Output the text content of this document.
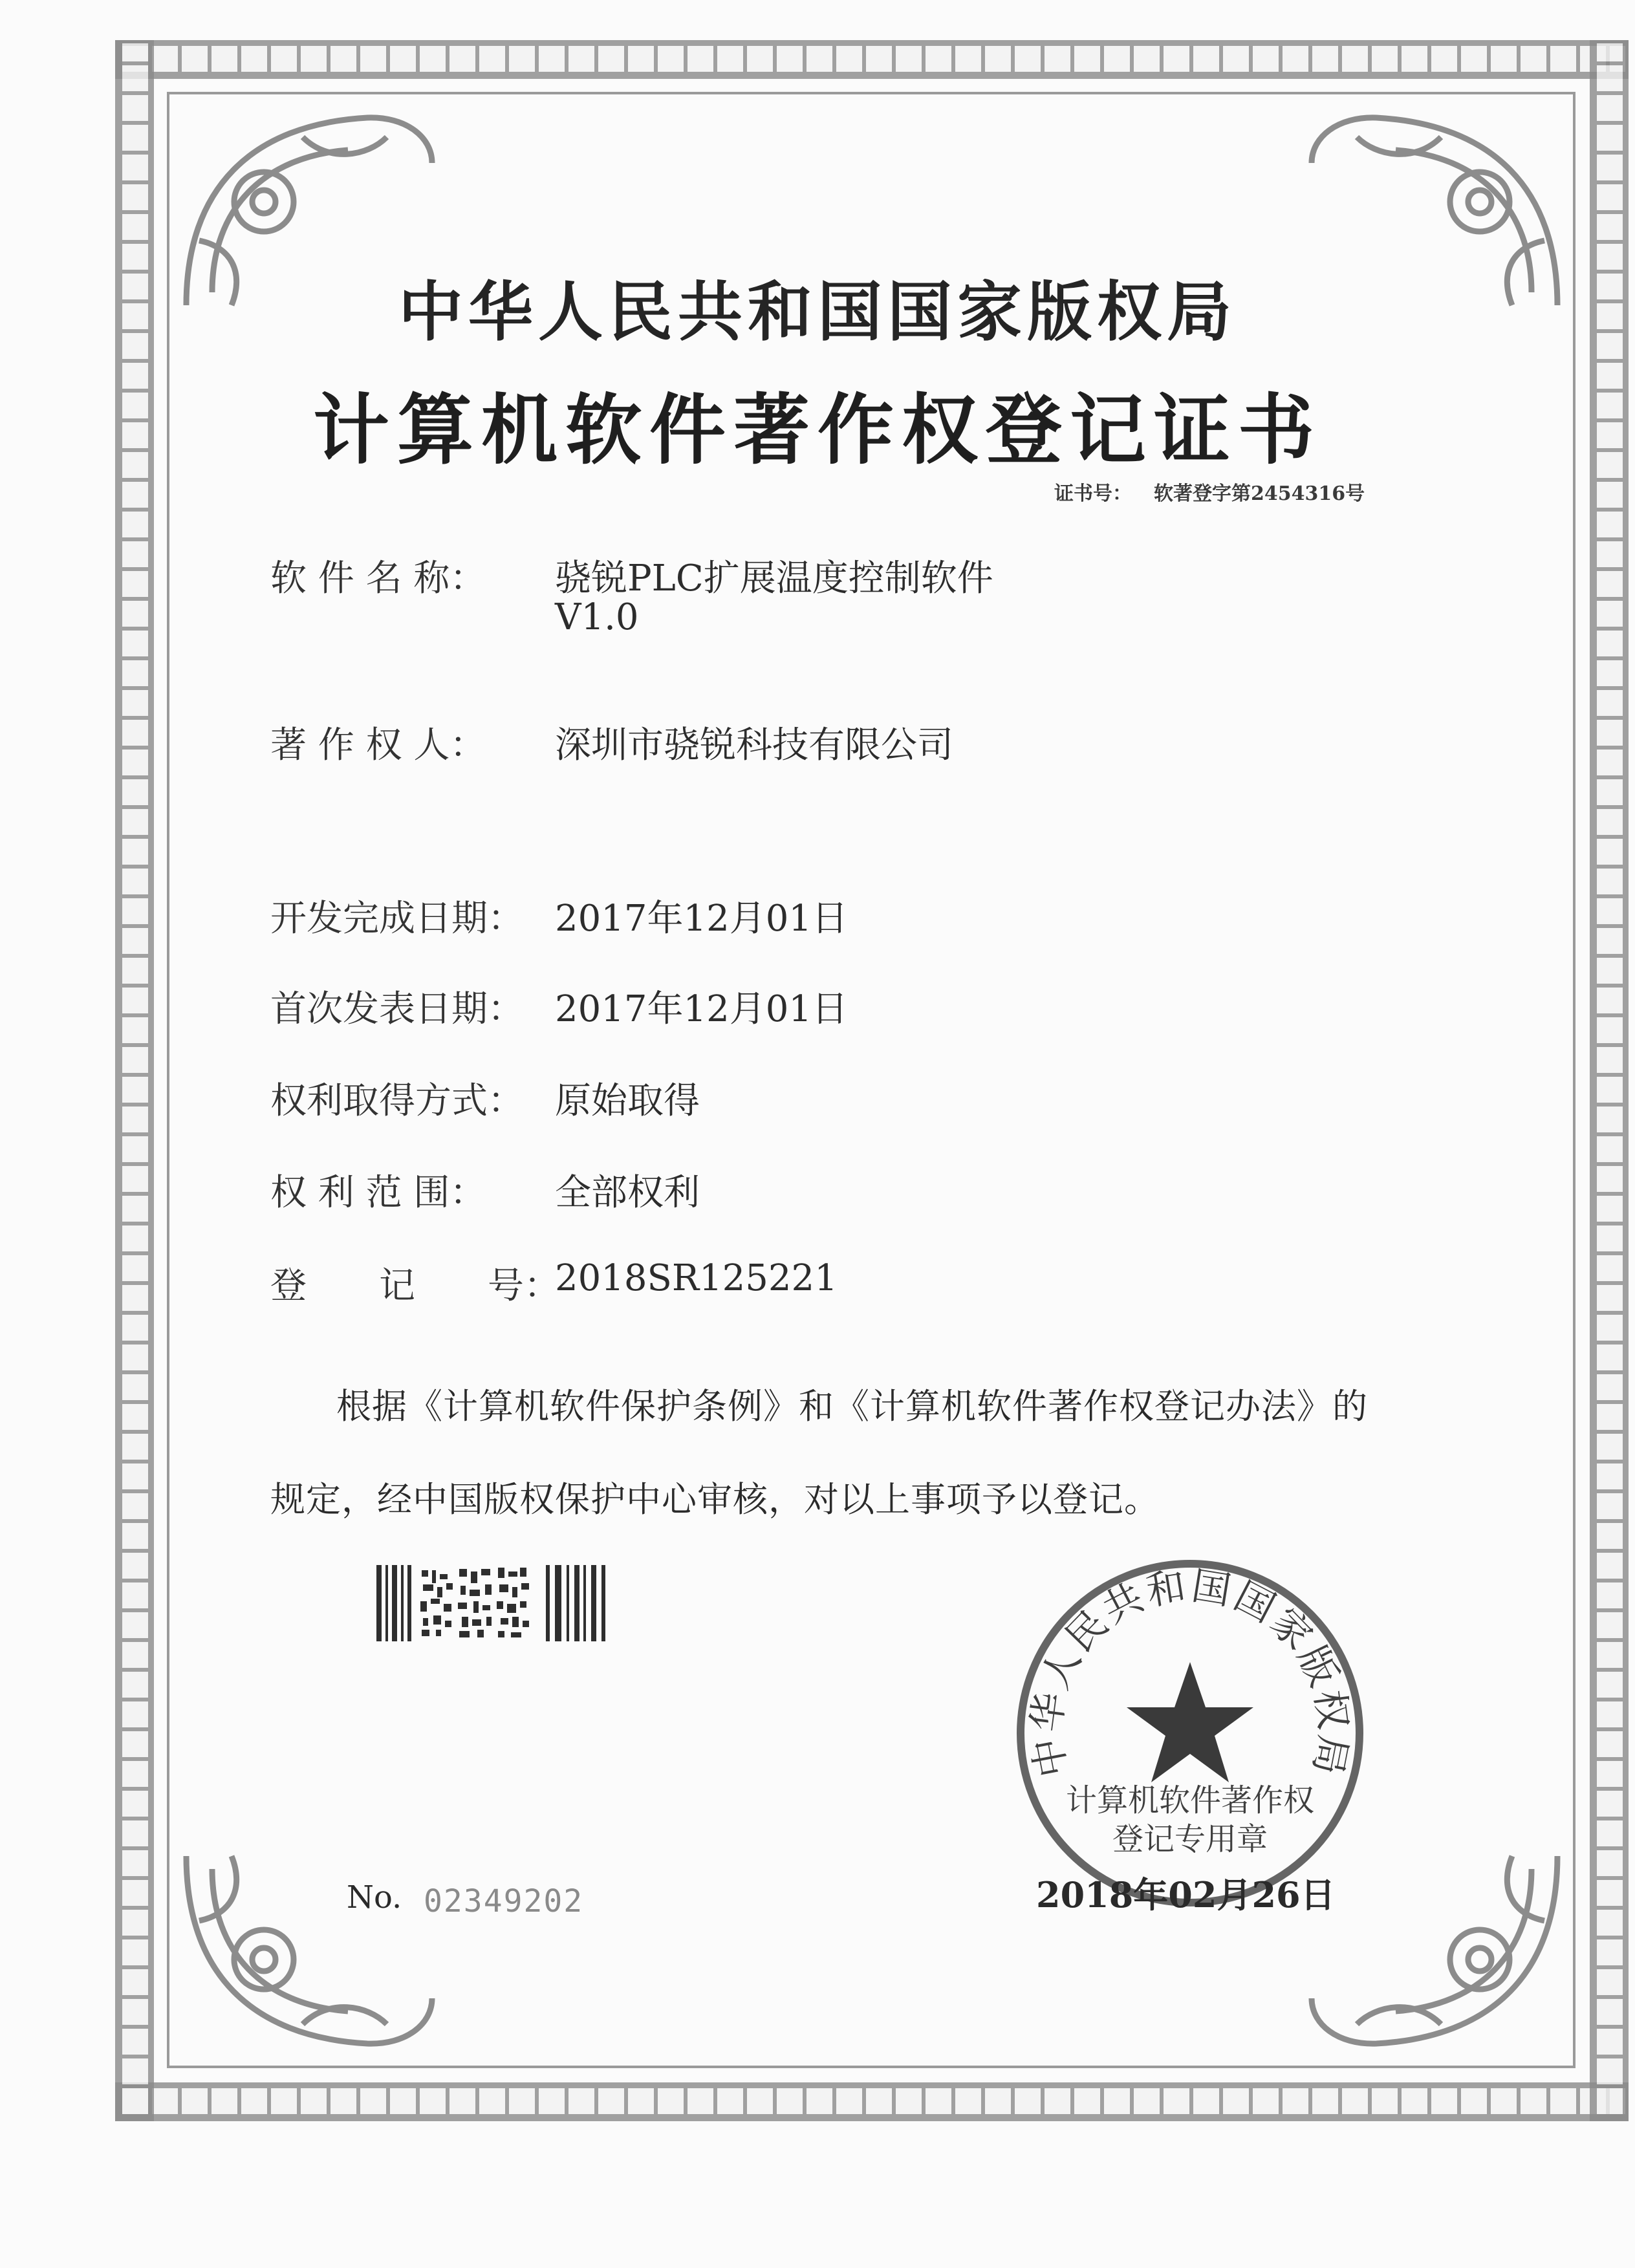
中华人民共和国国家版权局
计算机软件著作权登记证书
证书号： 软著登字第2454316号
软 件 名 称： 骁锐PLC扩展温度控制软件
V1.0
著 作 权 人： 深圳市骁锐科技有限公司
开发完成日期： 2017年12月01日
首次发表日期： 2017年12月01日
权利取得方式： 原始取得
权 利 范 围： 全部权利
登　　记　　号：
2018SR125221
根据《计算机软件保护条例》和《计算机软件著作权登记办法》的
规定，经中国版权保护中心审核，对以上事项予以登记。
中华人民共和国国家版权局
计算机软件著作权
登记专用章
No. 02349202	2018年02月26日
